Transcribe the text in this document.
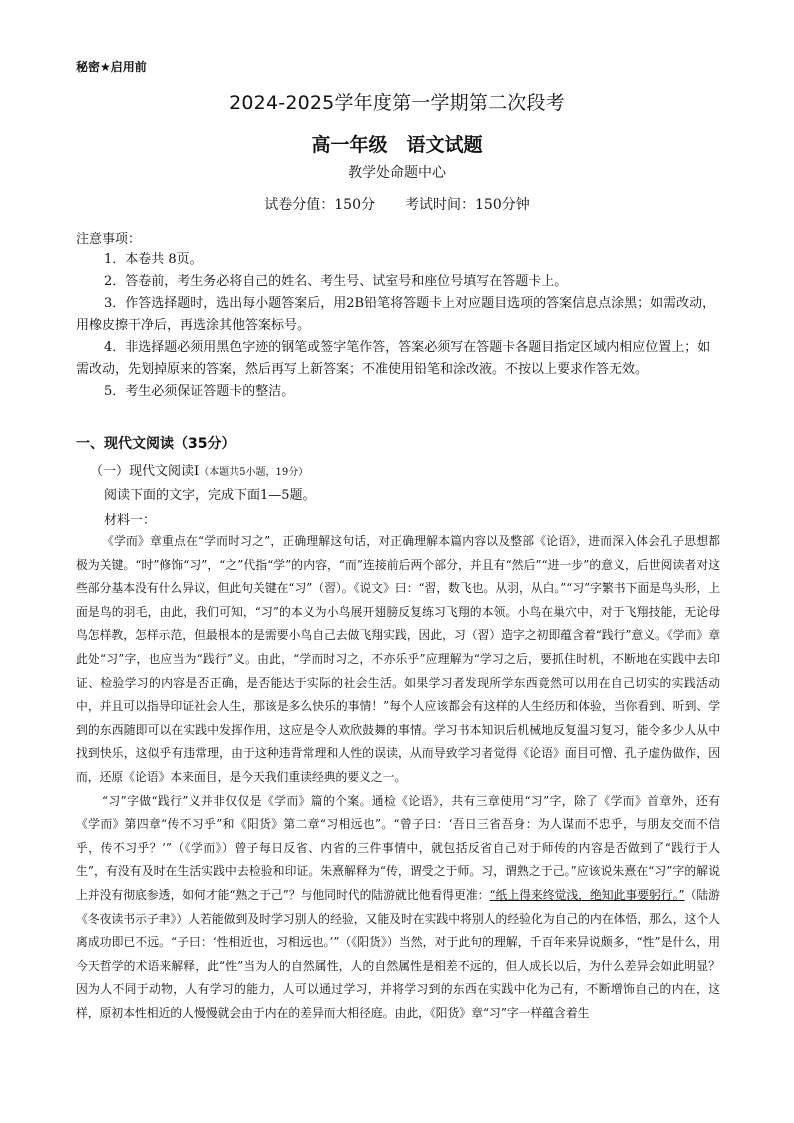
秘密★启用前
2024-2025学年度第一学期第二次段考
高一年级　语文试题
教学处命题中心
试卷分值：150分 考试时间：150分钟
注意事项：
1．本卷共 8页。
2．答卷前，考生务必将自己的姓名、考生号、试室号和座位号填写在答题卡上。
3．作答选择题时，选出每小题答案后，用2B铅笔将答题卡上对应题目选项的答案信息点涂黑；如需改动，用橡皮擦干净后，再选涂其他答案标号。
4．非选择题必须用黑色字迹的钢笔或签字笔作答，答案必须写在答题卡各题目指定区域内相应位置上；如需改动，先划掉原来的答案，然后再写上新答案；不准使用铅笔和涂改液。不按以上要求作答无效。
5．考生必须保证答题卡的整洁。
一、现代文阅读（35分）
（一）现代文阅读Ⅰ（本题共5小题，19分）
阅读下面的文字，完成下面1—5题。
材料一：

《学而》章重点在“学而时习之”，正确理解这句话，对正确理解本篇内容以及整部《论语》，进而深入体会孔子思想都极为关键。“时”修饰“习”，“之”代指“学”的内容，“而”连接前后两个部分，并且有“然后”“进一步”的意义，后世阅读者对这些部分基本没有什么异议，但此句关键在“习”（習）。《说文》曰：“習，数飞也。从羽，从白。”“习”字繁书下面是鸟头形，上面是鸟的羽毛，由此，我们可知，“习”的本义为小鸟展开翅膀反复练习飞翔的本领。小鸟在巢穴中，对于飞翔技能，无论母鸟怎样教，怎样示范，但最根本的是需要小鸟自己去做飞翔实践，因此，习（習）造字之初即蕴含着“践行”意义。《学而》章此处“习”字，也应当为“践行”义。由此，“学而时习之，不亦乐乎”应理解为“学习之后，要抓住时机，不断地在实践中去印证、检验学习的内容是否正确，是否能达于实际的社会生活。如果学习者发现所学东西竟然可以用在自己切实的实践活动中，并且可以指导印证社会人生，那该是多么快乐的事情！”每个人应该都会有这样的人生经历和体验，当你看到、听到、学到的东西随即可以在实践中发挥作用，这应是令人欢欣鼓舞的事情。学习书本知识后机械地反复温习复习，能令多少人从中找到快乐，这似乎有违常理，由于这种违背常理和人性的误读，从而导致学习者觉得《论语》面目可憎、孔子虚伪做作，因而，还原《论语》本来面目，是今天我们重读经典的要义之一。

“习”字做“践行”义并非仅仅是《学而》篇的个案。通检《论语》，共有三章使用“习”字，除了《学而》首章外，还有《学而》第四章“传不习乎”和《阳货》第二章“习相远也”。“曾子曰：‘吾日三省吾身：为人谋而不忠乎，与朋友交而不信乎，传不习乎？’”（《学而》）曾子每日反省、内省的三件事情中，就包括反省自己对于师传的内容是否做到了“践行于人生”，有没有及时在生活实践中去检验和印证。朱熹解释为“传，谓受之于师。习，谓熟之于己。”应该说朱熹在“习”字的解说上并没有彻底参透，如何才能“熟之于己”？与他同时代的陆游就比他看得更准：“纸上得来终觉浅，绝知此事要躬行。”（陆游《冬夜读书示子聿》）人若能做到及时学习别人的经验，又能及时在实践中将别人的经验化为自己的内在体悟，那么，这个人离成功即已不远。“子曰：‘性相近也，习相远也。’”（《阳货》）当然，对于此句的理解，千百年来异说颇多，“性”是什么，用今天哲学的术语来解释，此“性”当为人的自然属性，人的自然属性是相差不远的，但人成长以后，为什么差异会如此明显？因为人不同于动物，人有学习的能力，人可以通过学习，并将学习到的东西在实践中化为己有，不断增饰自己的内在，这样，原初本性相近的人慢慢就会由于内在的差异而大相径庭。由此，《阳货》章“习”字一样蕴含着生
